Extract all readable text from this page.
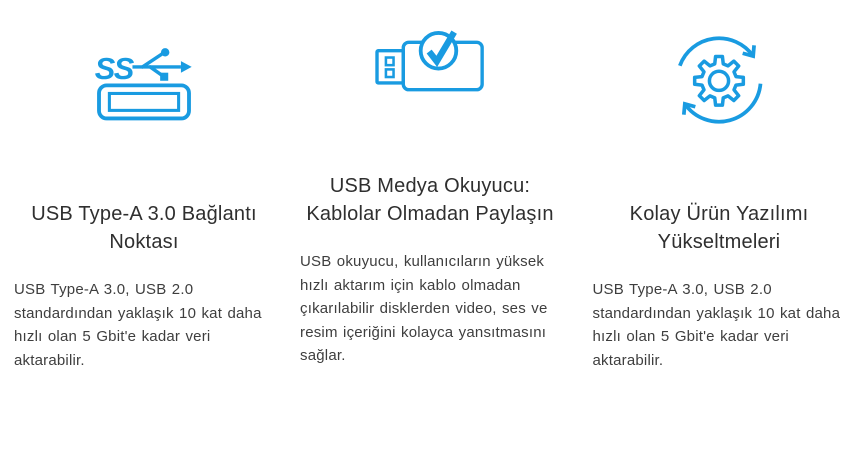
SS
USB Type-A 3.0 Bağlantı Noktası
USB Type-A 3.0, USB 2.0 standardından yaklaşık 10 kat daha hızlı olan 5 Gbit'e kadar veri aktarabilir.
USB Medya Okuyucu: Kablolar Olmadan Paylaşın
USB okuyucu, kullanıcıların yüksek hızlı aktarım için kablo olmadan çıkarılabilir disklerden video, ses ve resim içeriğini kolayca yansıtmasını sağlar.
Kolay Ürün Yazılımı Yükseltmeleri
USB Type-A 3.0, USB 2.0 standardından yaklaşık 10 kat daha hızlı olan 5 Gbit'e kadar veri aktarabilir.
